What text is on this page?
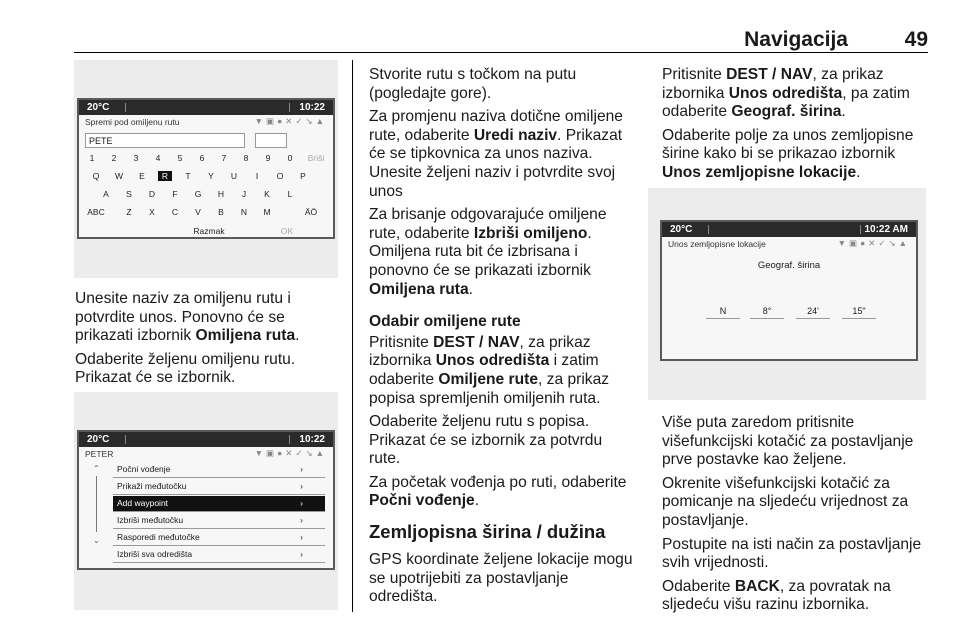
Navigacija	49
20°C	10:22
Spremi pod omiljenu rutu	▼▣●✕✓↘▲
PETE
1	2	3	4	5	6	7	8	9	0	Briši
Q	W	E	R	T	Y	U	I	O	P
A	S	D	F	G	H	J	K	L
ABC	Z	X	C	V	B	N	M	ÄÖ
Razmak	OK
20°C	10:22
PETER	▼▣●✕✓↘▲
⌃
⌄
Počni vođenje	›
Prikaži međutočku	›
Add waypoint	›
Izbriši međutočku	›
Rasporedi međutočke	›
Izbriši sva odredišta	›
20°C	10:22 AM
Unos zemljopisne lokacije	▼▣●✕✓↘▲
Geograf. širina
N	8°	24'	15"

Unesite naziv za omiljenu rutu i potvrdite unos. Ponovno će se prikazati izbornik Omiljena ruta.

Odaberite željenu omiljenu rutu. Prikazat će se izbornik.

Stvorite rutu s točkom na putu (pogledajte gore).

Za promjenu naziva dotične omiljene rute, odaberite Uredi naziv. Prikazat će se tipkovnica za unos naziva. Unesite željeni naziv i potvrdite svoj unos

Za brisanje odgovarajuće omiljene rute, odaberite Izbriši omiljeno. Omiljena ruta bit će izbrisana i ponovno će se prikazati izbornik Omiljena ruta.

Odabir omiljene rute

Pritisnite DEST / NAV, za prikaz izbornika Unos odredišta i zatim odaberite Omiljene rute, za prikaz popisa spremljenih omiljenih ruta.

Odaberite željenu rutu s popisa. Prikazat će se izbornik za potvrdu rute.

Za početak vođenja po ruti, odaberite Počni vođenje.

Zemljopisna širina / dužina

GPS koordinate željene lokacije mogu se upotrijebiti za postavljanje odredišta.

Pritisnite DEST / NAV, za prikaz izbornika Unos odredišta, pa zatim odaberite Geograf. širina.

Odaberite polje za unos zemljopisne širine kako bi se prikazao izbornik Unos zemljopisne lokacije.

Više puta zaredom pritisnite višefunkcijski kotačić za postavljanje prve postavke kao željene.

Okrenite višefunkcijski kotačić za pomicanje na sljedeću vrijednost za postavljanje.

Postupite na isti način za postavljanje svih vrijednosti.

Odaberite BACK, za povratak na sljedeću višu razinu izbornika.
